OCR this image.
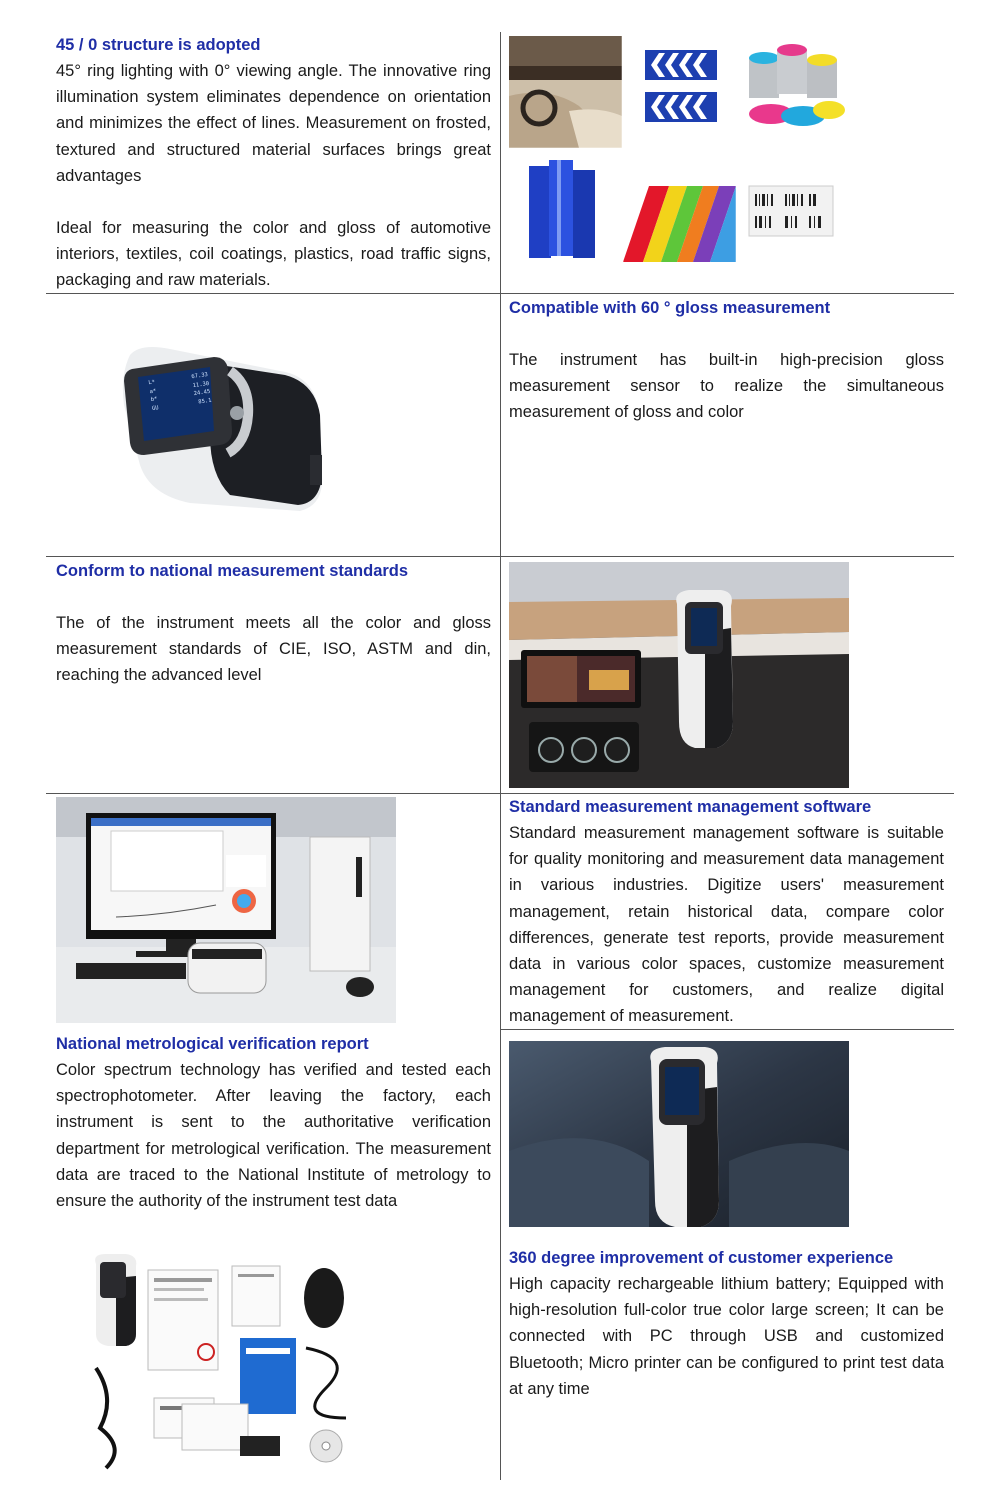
45 / 0 structure is adopted

45° ring lighting with 0° viewing angle. The innovative ring illumination system eliminates dependence on orientation and minimizes the effect of lines. Measurement on frosted, textured and structured material surfaces brings great advantages

Ideal for measuring the color and gloss of automotive interiors, textiles, coil coatings, plastics, road traffic signs, packaging and raw materials.

L*
67.33
a*
11.30
b*
24.45
GU
85.1
Compatible with 60 ° gloss measurement

The instrument has built-in high-precision gloss measurement sensor to realize the simultaneous measurement of gloss and color

Conform to national measurement standards

The of the instrument meets all the color and gloss measurement standards of CIE, ISO, ASTM and din, reaching the advanced level

Standard measurement management software

Standard measurement management software is suitable for quality monitoring and measurement data management in various industries. Digitize users' measurement management, retain historical data, compare color differences, generate test reports, provide measurement data in various color spaces, customize measurement management for customers, and realize digital management of measurement.

National metrological verification report

Color spectrum technology has verified and tested each spectrophotometer. After leaving the factory, each instrument is sent to the authoritative verification department for metrological verification. The measurement data are traced to the National Institute of metrology to ensure the authority of the instrument test data

360 degree improvement of customer experience

High capacity rechargeable lithium battery; Equipped with high-resolution full-color true color large screen; It can be connected with PC through USB and customized Bluetooth; Micro printer can be configured to print test data at any time
